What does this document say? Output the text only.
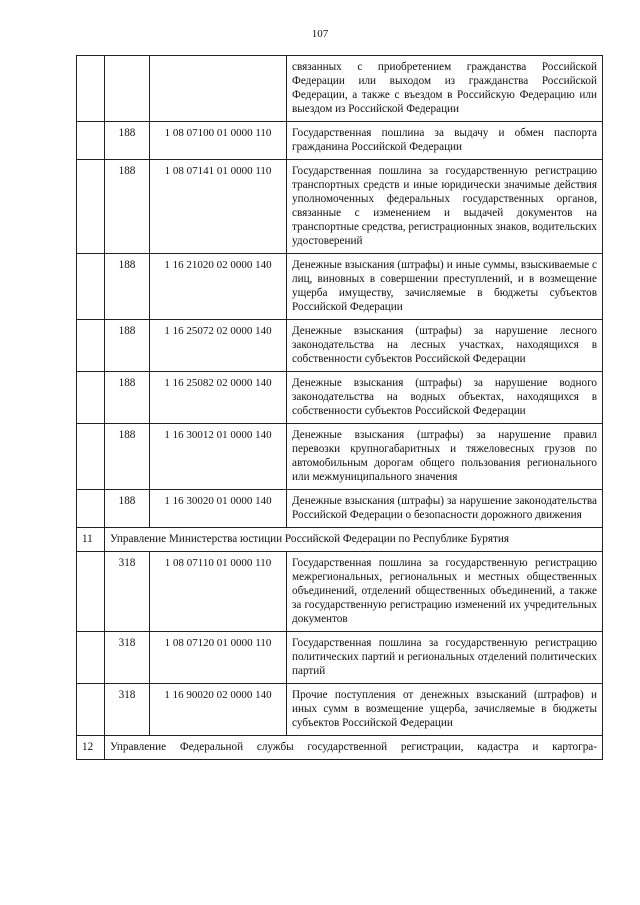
107
			связанных с приобретением гражданства Российской Федерации или выходом из гражданства Российской Федерации, а также с въездом в Российскую Федерацию или выездом из Российской Федерации
	188	1 08 07100 01 0000 110	Государственная пошлина за выдачу и обмен паспорта гражданина Российской Федерации
	188	1 08 07141 01 0000 110	Государственная пошлина за государственную регистрацию транспортных средств и иные юридически значимые действия уполномоченных федеральных государственных органов, связанные с изменением и выдачей документов на транспортные средства, регистрационных знаков, водительских удостоверений
	188	1 16 21020 02 0000 140	Денежные взыскания (штрафы) и иные суммы, взыскиваемые с лиц, виновных в совершении преступлений, и в возмещение ущерба имуществу, зачисляемые в бюджеты субъектов Российской Федерации
	188	1 16 25072 02 0000 140	Денежные взыскания (штрафы) за нарушение лесного законодательства на лесных участках, находящихся в собственности субъектов Российской Федерации
	188	1 16 25082 02 0000 140	Денежные взыскания (штрафы) за нарушение водного законодательства на водных объектах, находящихся в собственности субъектов Российской Федерации
	188	1 16 30012 01 0000 140	Денежные взыскания (штрафы) за нарушение правил перевозки крупногабаритных и тяжеловесных грузов по автомобильным дорогам общего пользования регионального или межмуниципального значения
	188	1 16 30020 01 0000 140	Денежные взыскания (штрафы) за нарушение законодательства Российской Федерации о безопасности дорожного движения
11	Управление Министерства юстиции Российской Федерации по Республике Бурятия		
	318	1 08 07110 01 0000 110	Государственная пошлина за государственную регистрацию межрегиональных, региональных и местных общественных объединений, отделений общественных объединений, а также за государственную регистрацию изменений их учредительных документов
	318	1 08 07120 01 0000 110	Государственная пошлина за государственную регистрацию политических партий и региональных отделений политических партий
	318	1 16 90020 02 0000 140	Прочие поступления от денежных взысканий (штрафов) и иных сумм в возмещение ущерба, зачисляемые в бюджеты субъектов Российской Федерации
12	Управление Федеральной службы государственной регистрации, кадастра и картогра-		
